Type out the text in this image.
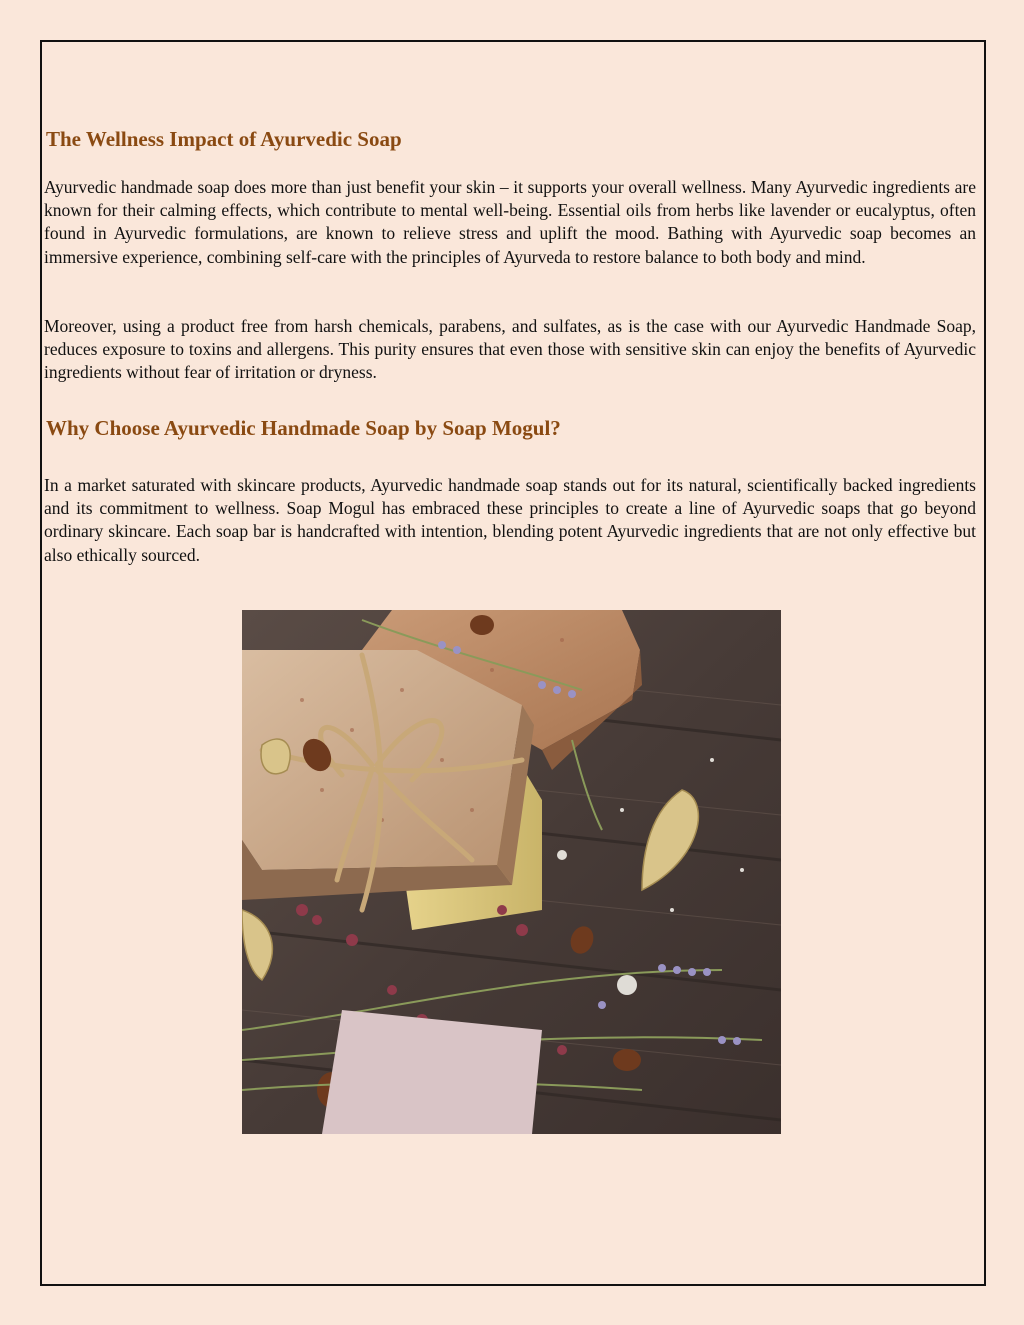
The Wellness Impact of Ayurvedic Soap

Ayurvedic handmade soap does more than just benefit your skin – it supports your overall wellness. Many Ayurvedic ingredients are known for their calming effects, which contribute to mental well-being. Essential oils from herbs like lavender or eucalyptus, often found in Ayurvedic formulations, are known to relieve stress and uplift the mood. Bathing with Ayurvedic soap becomes an immersive experience, combining self-care with the principles of Ayurveda to restore balance to both body and mind.

Moreover, using a product free from harsh chemicals, parabens, and sulfates, as is the case with our Ayurvedic Handmade Soap, reduces exposure to toxins and allergens. This purity ensures that even those with sensitive skin can enjoy the benefits of Ayurvedic ingredients without fear of irritation or dryness.

Why Choose Ayurvedic Handmade Soap by Soap Mogul?

In a market saturated with skincare products, Ayurvedic handmade soap stands out for its natural, scientifically backed ingredients and its commitment to wellness. Soap Mogul has embraced these principles to create a line of Ayurvedic soaps that go beyond ordinary skincare. Each soap bar is handcrafted with intention, blending potent Ayurvedic ingredients that are not only effective but also ethically sourced.
